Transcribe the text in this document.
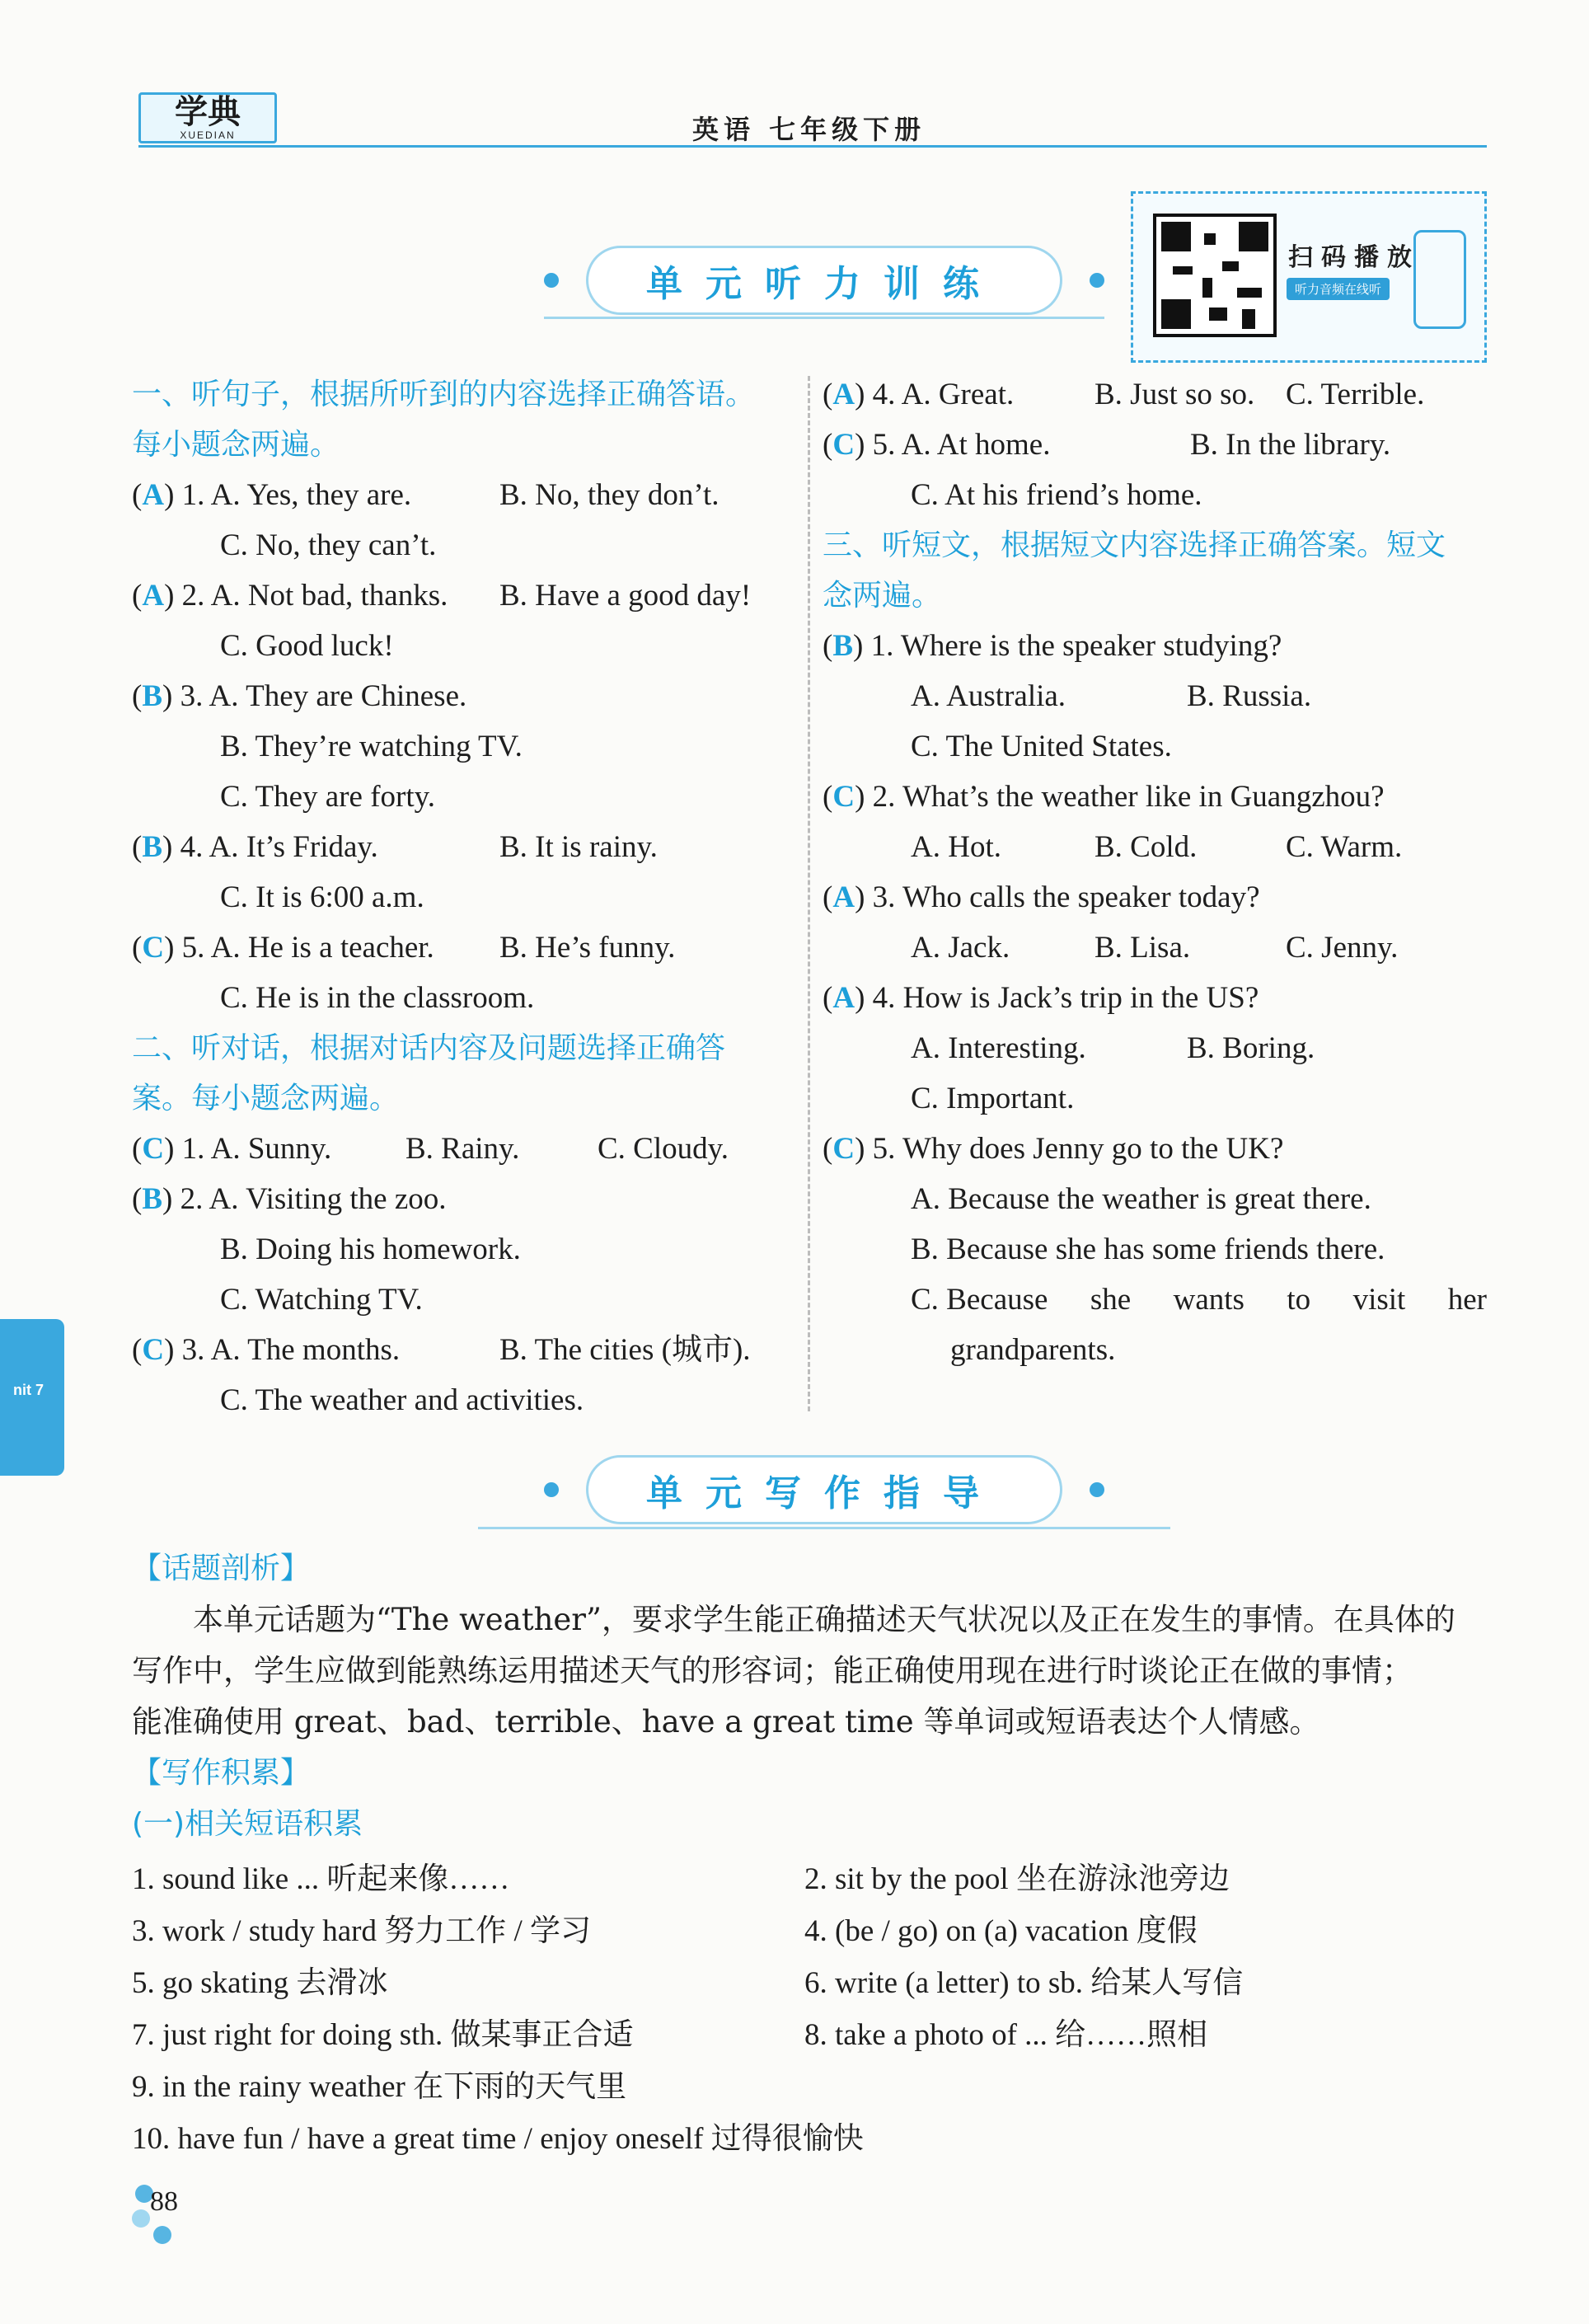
学典
XUEDIAN	英语 七年级下册
单元听力训练
扫码播放
听力音频在线听
一、听句子，根据所听到的内容选择正确答语。
每小题念两遍。
(A) 1. A. Yes, they are.	B. No, they don’t.
C. No, they can’t.
(A) 2. A. Not bad, thanks. B. Have a good day!
C. Good luck!
(B) 3. A. They are Chinese.
B. They’re watching TV.
C. They are forty.
(B) 4. A. It’s Friday.	B. It is rainy.
C. It is 6:00 a.m.
(C) 5. A. He is a teacher. B. He’s funny.
C. He is in the classroom.
二、听对话，根据对话内容及问题选择正确答
案。每小题念两遍。
(C) 1. A. Sunny. B. Rainy.	C. Cloudy.
(B) 2. A. Visiting the zoo.
B. Doing his homework.
C. Watching TV.
(C) 3. A. The months.	B. The cities (城市).
C. The weather and activities.
(A) 4. A. Great.	B. Just so so. C. Terrible.
(C) 5. A. At home.	B. In the library.
C. At his friend’s home.
三、听短文，根据短文内容选择正确答案。短文
念两遍。
(B) 1. Where is the speaker studying?
A. Australia.	B. Russia.
C. The United States.
(C) 2. What’s the weather like in Guangzhou?
A. Hot.	B. Cold.	C. Warm.
(A) 3. Who calls the speaker today?
A. Jack.	B. Lisa.	C. Jenny.
(A) 4. How is Jack’s trip in the US?
A. Interesting.	B. Boring.
C. Important.
(C) 5. Why does Jenny go to the UK?
A. Because the weather is great there.
B. Because she has some friends there.
C. Because she wants to visit her
grandparents.
单元写作指导
【话题剖析】
本单元话题为“The weather”，要求学生能正确描述天气状况以及正在发生的事情。在具体的
写作中，学生应做到能熟练运用描述天气的形容词；能正确使用现在进行时谈论正在做的事情；
能准确使用 great、bad、terrible、have a great time 等单词或短语表达个人情感。
【写作积累】
(一)相关短语积累
1. sound like ... 听起来像……	2. sit by the pool 坐在游泳池旁边
3. work / study hard 努力工作 / 学习	4. (be / go) on (a) vacation 度假
5. go skating 去滑冰	6. write (a letter) to sb. 给某人写信
7. just right for doing sth. 做某事正合适	8. take a photo of ... 给……照相
9. in the rainy weather 在下雨的天气里
10. have fun / have a great time / enjoy oneself 过得很愉快
nit 7
88
